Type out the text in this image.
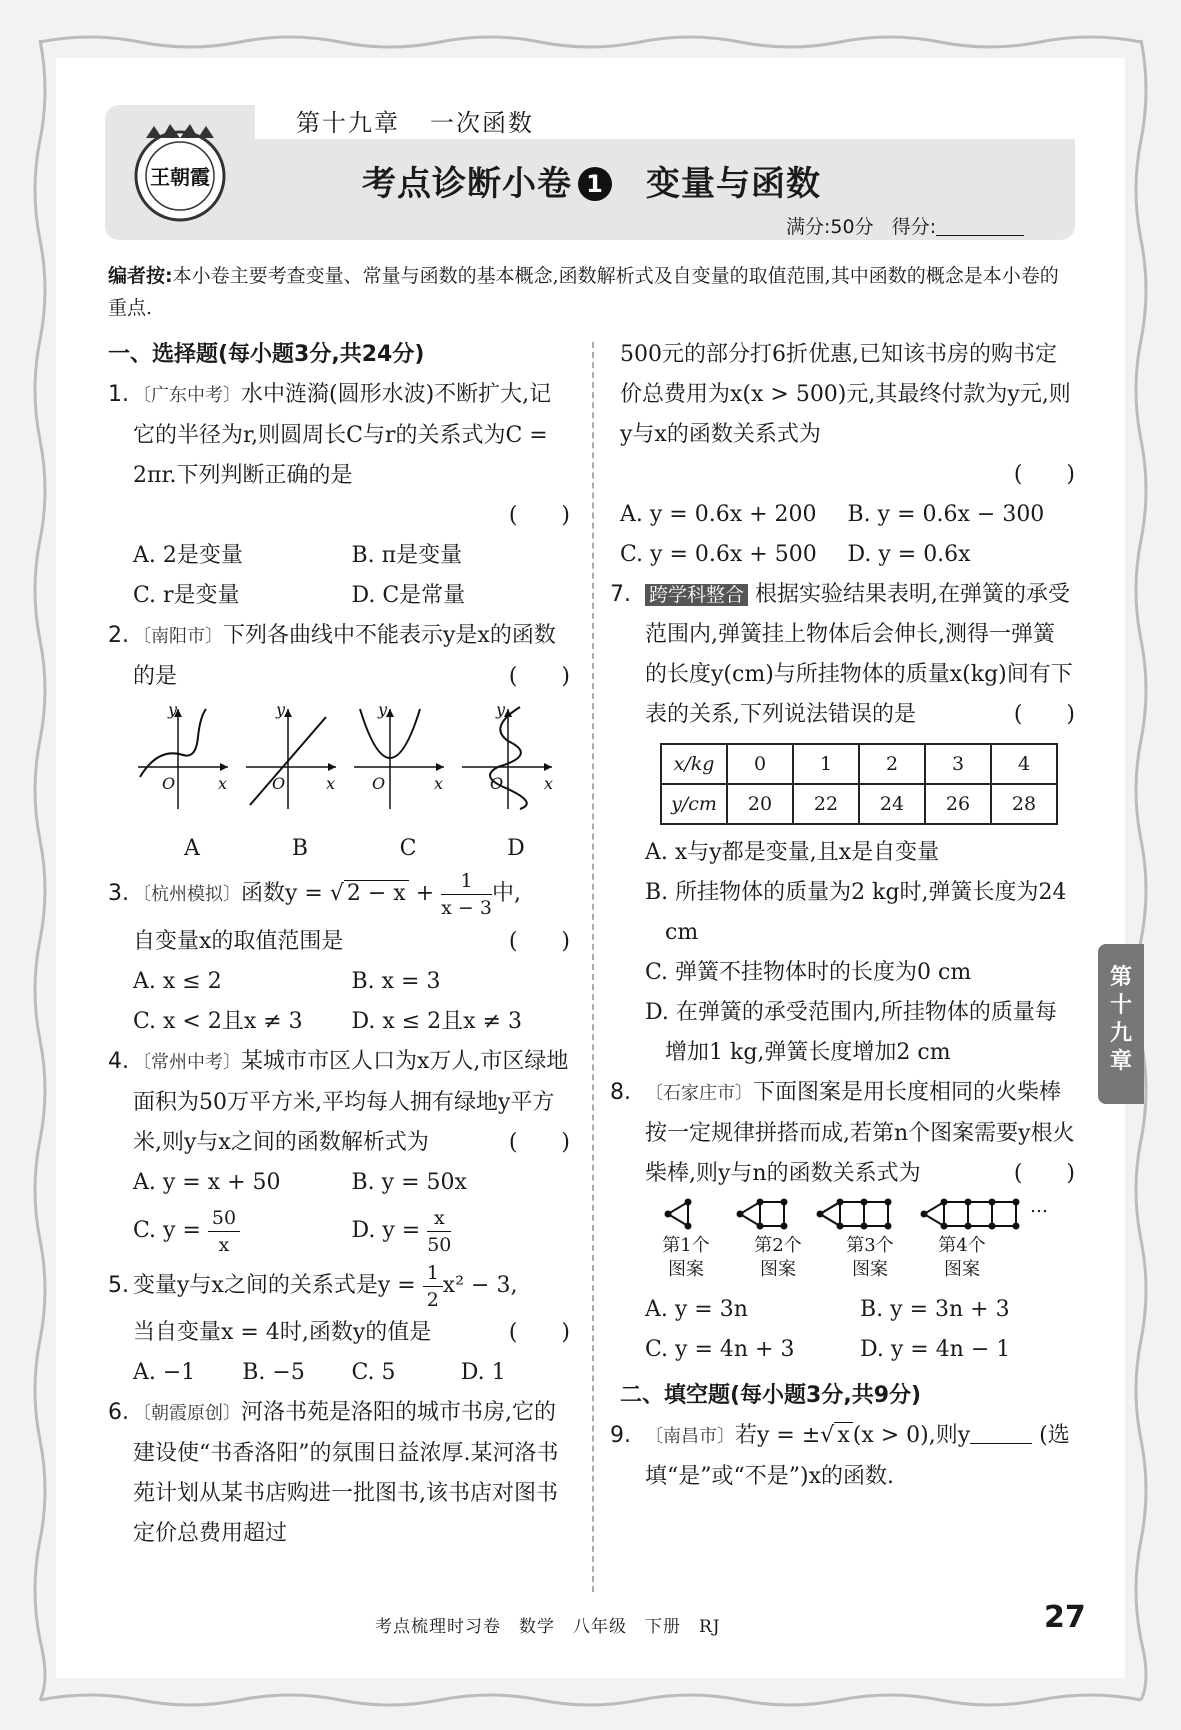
王朝霞
第十九章 一次函数
考点诊断小卷 1 变量与函数
满分:50分 得分:
编者按:本小卷主要考查变量、常量与函数的基本概念,函数解析式及自变量的取值范围,其中函数的概念是本小卷的重点.
一、选择题(每小题3分,共24分)
1. 〔广东中考〕水中涟漪(圆形水波)不断扩大,记它的半径为r,则圆周长C与r的关系式为C = 2πr.下列判断正确的是
(　　)
A. 2是变量	B. π是变量
C. r是变量	D. C是常量
2. 〔南阳市〕下列各曲线中不能表示y是x的函数的是	(　　)
y
x
O
y
x
O
y
x
O
y
x
O
A	B	C	D
3. 〔杭州模拟〕函数y = √ $2 - x + \frac{1}{x - 3}$ 中,
自变量x的取值范围是	(　　)
A. x ≤ 2	B. x = 3
C. x < 2且x ≠ 3	D. x ≤ 2且x ≠ 3
4. 〔常州中考〕某城市市区人口为x万人,市区绿地面积为50万平方米,平均每人拥有绿地y平方米,则y与x之间的函数解析式为	(　　)
A. y = x + 50	B. y = 50x
C. $y = \frac{50}{x}$	D. $y = \frac{x}{50}$
5. 变量y与x之间的关系式是$y = \frac{1}{2} x^2 - 3$,
当自变量x = 4时,函数y的值是	(　　)
A. −1	B. −5	C. 5	D. 1
6. 〔朝霞原创〕河洛书苑是洛阳的城市书房,它的建设使“书香洛阳”的氛围日益浓厚.某河洛书苑计划从某书店购进一批图书,该书店对图书定价总费用超过
500元的部分打6折优惠,已知该书房的购书定价总费用为x(x > 500)元,其最终付款为y元,则y与x的函数关系式为
(　　)
A. y = 0.6x + 200	B. y = 0.6x − 300
C. y = 0.6x + 500	D. y = 0.6x
7. 跨学科整合 根据实验结果表明,在弹簧的承受范围内,弹簧挂上物体后会伸长,测得一弹簧的长度y(cm)与所挂物体的质量x(kg)间有下表的关系,下列说法错误的是	(　　)
x/kg	0	1	2	3	4
y/cm	20	22	24	26	28
A. x与y都是变量,且x是自变量
B. 所挂物体的质量为2 kg时,弹簧长度为24 cm
C. 弹簧不挂物体时的长度为0 cm
D. 在弹簧的承受范围内,所挂物体的质量每增加1 kg,弹簧长度增加2 cm
8. 〔石家庄市〕下面图案是用长度相同的火柴棒按一定规律拼搭而成,若第n个图案需要y根火柴棒,则y与n的函数关系式为	(　　)
…
第1个
图案
第2个
图案
第3个
图案
第4个
图案
A. y = 3n	B. y = 3n + 3
C. y = 4n + 3	D. y = 4n − 1
二、填空题(每小题3分,共9分)
9. 〔南昌市〕若y = ±√ x (x > 0),则y	(选填“是”或“不是”)x的函数.
第十九章
考点梳理时习卷　数学　八年级　下册　RJ	27
